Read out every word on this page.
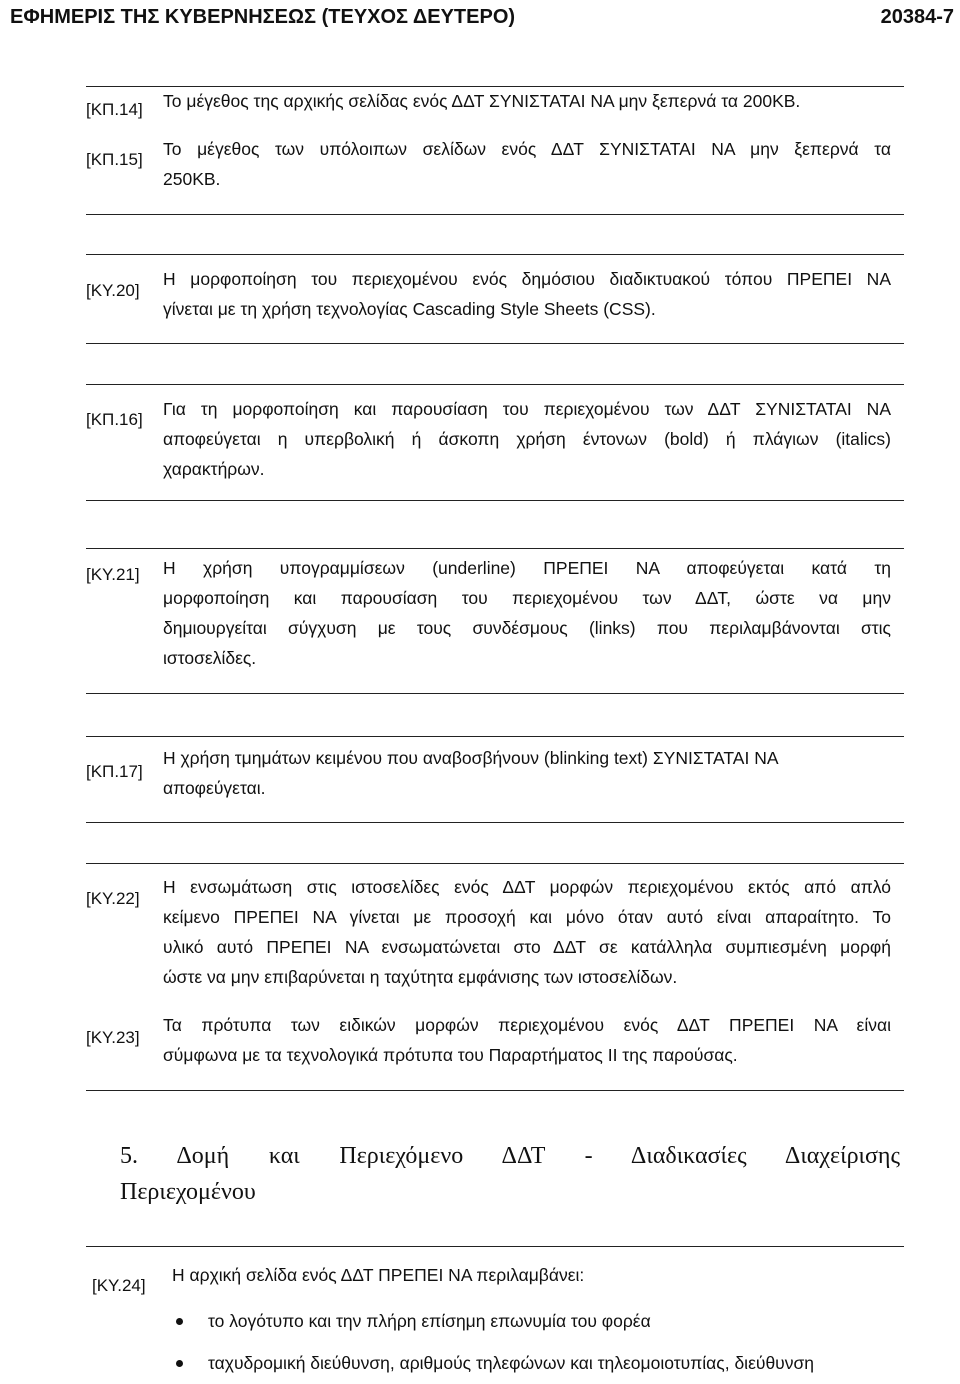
ΕΦΗΜΕΡΙΣ ΤΗΣ ΚΥΒΕΡΝΗΣΕΩΣ (ΤΕΥΧΟΣ ΔΕΥΤΕΡΟ)	20384-7
[ΚΠ.14] Το μέγεθος της αρχικής σελίδας ενός ΔΔΤ ΣΥΝΙΣΤΑΤΑΙ ΝΑ μην ξεπερνά τα 200ΚΒ.
[ΚΠ.15]
Το μέγεθος των υπόλοιπων σελίδων ενός ΔΔΤ ΣΥΝΙΣΤΑΤΑΙ ΝΑ μην ξεπερνά τα
250ΚΒ.
[ΚΥ.20]
Η μορφοποίηση του περιεχομένου ενός δημόσιου διαδικτυακού τόπου ΠΡΕΠΕΙ ΝΑ
γίνεται με τη χρήση τεχνολογίας Cascading Style Sheets (CSS).
[ΚΠ.16]
Για τη μορφοποίηση και παρουσίαση του περιεχομένου των ΔΔΤ ΣΥΝΙΣΤΑΤΑΙ ΝΑ
αποφεύγεται η υπερβολική ή άσκοπη χρήση έντονων (bold) ή πλάγιων (italics)
χαρακτήρων.
[ΚΥ.21] Η χρήση υπογραμμίσεων (underline) ΠΡΕΠΕΙ ΝΑ αποφεύγεται κατά τη
μορφοποίηση και παρουσίαση του περιεχομένου των ΔΔΤ, ώστε να μην
δημιουργείται σύγχυση με τους συνδέσμους (links) που περιλαμβάνονται στις
ιστοσελίδες.
[ΚΠ.17]
Η χρήση τμημάτων κειμένου που αναβοσβήνουν (blinking text) ΣΥΝΙΣΤΑΤΑΙ ΝΑ
αποφεύγεται.
[ΚΥ.22]
Η ενσωμάτωση στις ιστοσελίδες ενός ΔΔΤ μορφών περιεχομένου εκτός από απλό
κείμενο ΠΡΕΠΕΙ ΝΑ γίνεται με προσοχή και μόνο όταν αυτό είναι απαραίτητο. Το
υλικό αυτό ΠΡΕΠΕΙ ΝΑ ενσωματώνεται στο ΔΔΤ σε κατάλληλα συμπιεσμένη μορφή
ώστε να μην επιβαρύνεται η ταχύτητα εμφάνισης των ιστοσελίδων.
[ΚΥ.23]
Τα πρότυπα των ειδικών μορφών περιεχομένου ενός ΔΔΤ ΠΡΕΠΕΙ ΝΑ είναι
σύμφωνα με τα τεχνολογικά πρότυπα του Παραρτήματος ΙΙ της παρούσας.
5. Δομή και Περιεχόμενο ΔΔΤ - Διαδικασίες Διαχείρισης
Περιεχομένου
[ΚΥ.24]
Η αρχική σελίδα ενός ΔΔΤ ΠΡΕΠΕΙ ΝΑ περιλαμβάνει:
το λογότυπο και την πλήρη επίσημη επωνυμία του φορέα
ταχυδρομική διεύθυνση, αριθμούς τηλεφώνων και τηλεομοιοτυπίας, διεύθυνση
